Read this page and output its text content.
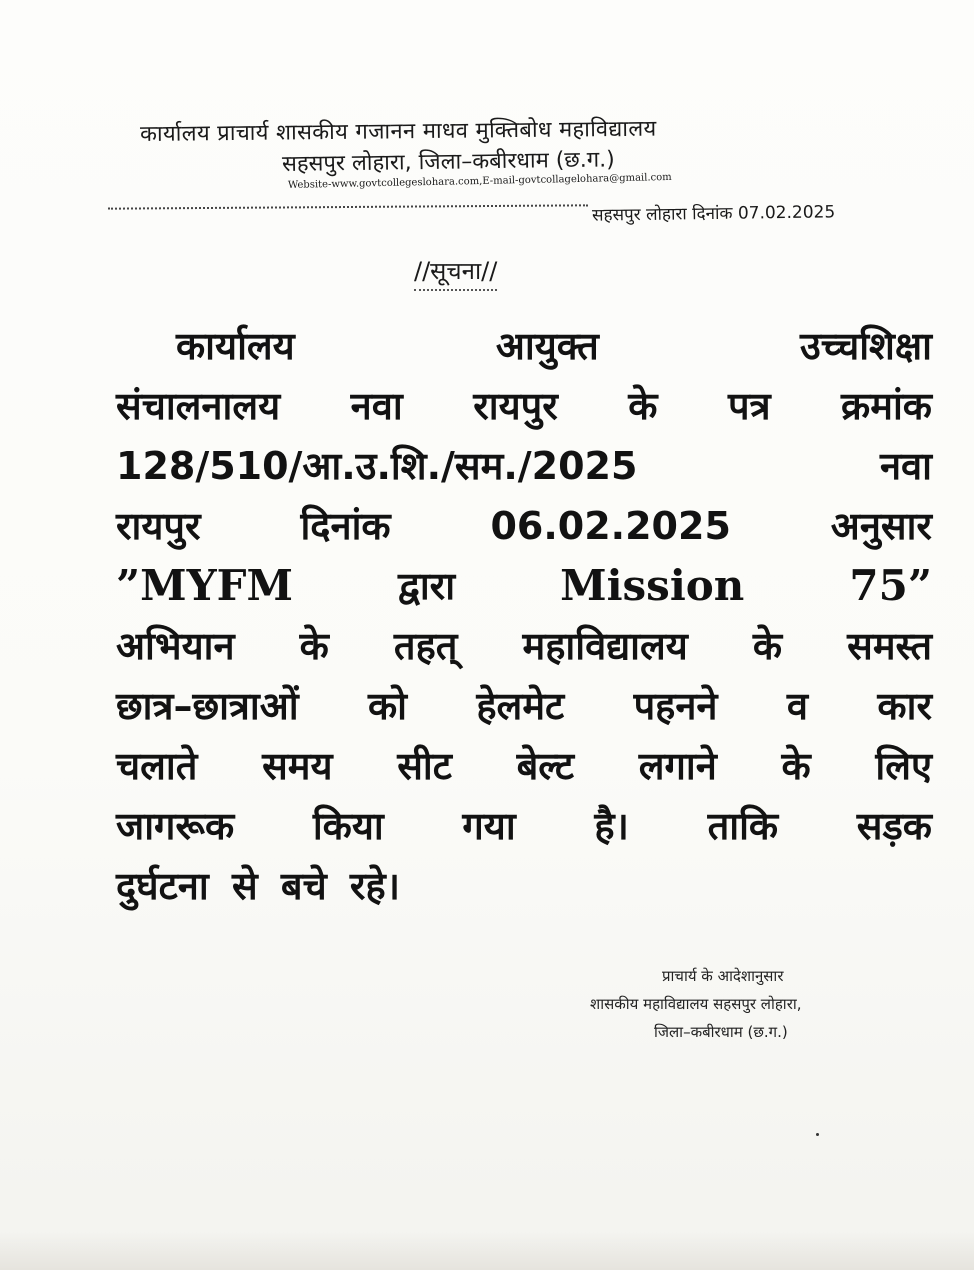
कार्यालय प्राचार्य शासकीय गजानन माधव मुक्तिबोध महाविद्यालय
सहसपुर लोहारा, जिला–कबीरधाम (छ.ग.)
Website-www.govtcollegeslohara.com,E-mail-govtcollagelohara@gmail.com
सहसपुर लोहारा दिनांक 07.02.2025
//सूचना//
कार्यालय	आयुक्त	उच्चशिक्षा
संचालनालय नवा रायपुर के पत्र क्रमांक
128/510/आ.उ.शि./सम./2025	नवा
रायपुर	दिनांक	06.02.2025	अनुसार
”MYFM	द्वारा	Mission	75”
अभियान के तहत् महाविद्यालय के समस्त
छात्र–छात्राओं को हेलमेट पहनने व कार
चलाते समय सीट बेल्ट लगाने के लिए
जागरूक किया गया है। ताकि सड़क
दुर्घटना से बचे रहे।
प्राचार्य के आदेशानुसार
शासकीय महाविद्यालय सहसपुर लोहारा,
जिला–कबीरधाम (छ.ग.)
